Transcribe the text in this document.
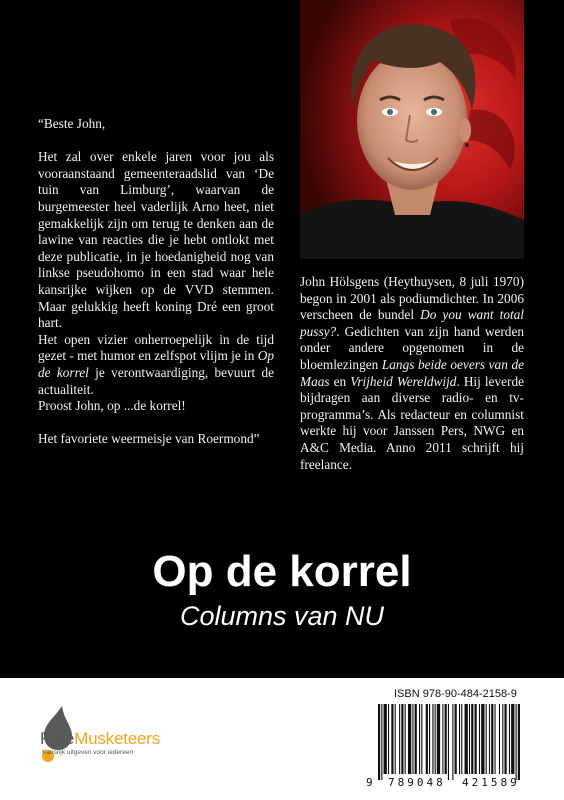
“Beste John,

Het zal over enkele jaren voor jou als vooraanstaand gemeenteraadslid van ‘De tuin van Limburg’, waarvan de burgemeester heel vaderlijk Arno heet, niet gemakkelijk zijn om terug te denken aan de lawine van reacties die je hebt ontlokt met deze publicatie, in je hoedanigheid nog van linkse pseudohomo in een stad waar hele kansrijke wijken op de VVD stemmen. Maar gelukkig heeft koning Dré een groot hart.

Het open vizier onherroepelijk in de tijd gezet - met humor en zelfspot vlijm je in Op de korrel je verontwaardiging, bevuurt de actualiteit.

Proost John, op ...de korrel!

Het favoriete weermeisje van Roermond”

John Hölsgens (Heythuysen, 8 juli 1970) begon in 2001 als podiumdichter. In 2006 verscheen de bundel Do you want total pussy?. Gedichten van zijn hand werden onder andere opgenomen in de bloemlezingen Langs beide oevers van de Maas en Vrijheid Wereldwijd. Hij leverde bijdragen aan diverse radio- en tv-programma’s. Als redacteur en columnist werkte hij voor Janssen Pers, NWG en A&C Media. Anno 2011 schrijft hij freelance.
Op de korrel
Columns van NU
FreeMusketeers
Kansrijk uitgeven voor iedereen
ISBN 978-90-484-2158-9
9 789048 421589
